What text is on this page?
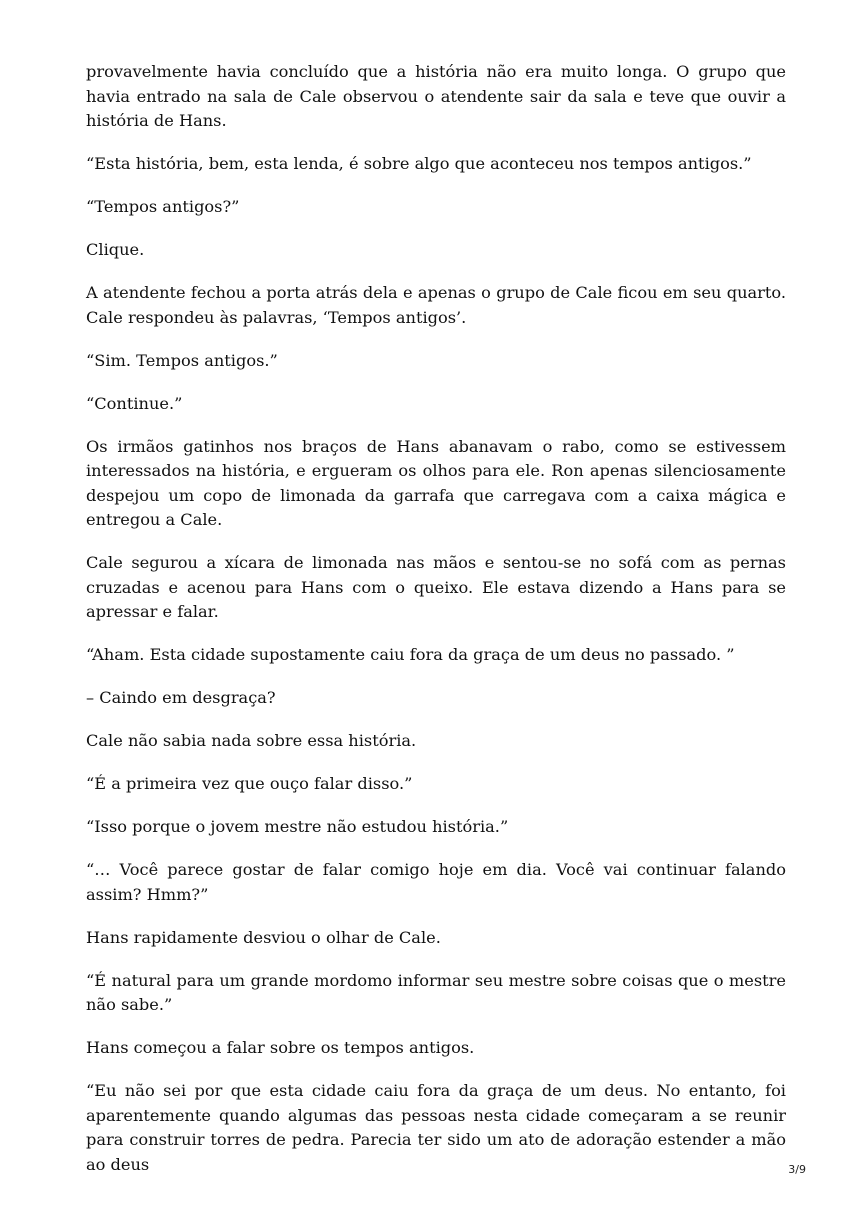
provavelmente havia concluído que a história não era muito longa. O grupo que havia entrado na sala de Cale observou o atendente sair da sala e teve que ouvir a história de Hans.

“Esta história, bem, esta lenda, é sobre algo que aconteceu nos tempos antigos.”

“Tempos antigos?”

Clique.

A atendente fechou a porta atrás dela e apenas o grupo de Cale ficou em seu quarto. Cale respondeu às palavras, ‘Tempos antigos’.

“Sim. Tempos antigos.”

“Continue.”

Os irmãos gatinhos nos braços de Hans abanavam o rabo, como se estivessem interessados na história, e ergueram os olhos para ele. Ron apenas silenciosamente despejou um copo de limonada da garrafa que carregava com a caixa mágica e entregou a Cale.

Cale segurou a xícara de limonada nas mãos e sentou-se no sofá com as pernas cruzadas e acenou para Hans com o queixo. Ele estava dizendo a Hans para se apressar e falar.

“Aham. Esta cidade supostamente caiu fora da graça de um deus no passado. ”

– Caindo em desgraça?

Cale não sabia nada sobre essa história.

“É a primeira vez que ouço falar disso.”

“Isso porque o jovem mestre não estudou história.”

“… Você parece gostar de falar comigo hoje em dia. Você vai continuar falando assim? Hmm?”

Hans rapidamente desviou o olhar de Cale.

“É natural para um grande mordomo informar seu mestre sobre coisas que o mestre não sabe.”

Hans começou a falar sobre os tempos antigos.

“Eu não sei por que esta cidade caiu fora da graça de um deus. No entanto, foi aparentemente quando algumas das pessoas nesta cidade começaram a se reunir para construir torres de pedra. Parecia ter sido um ato de adoração estender a mão ao deus	3/9
